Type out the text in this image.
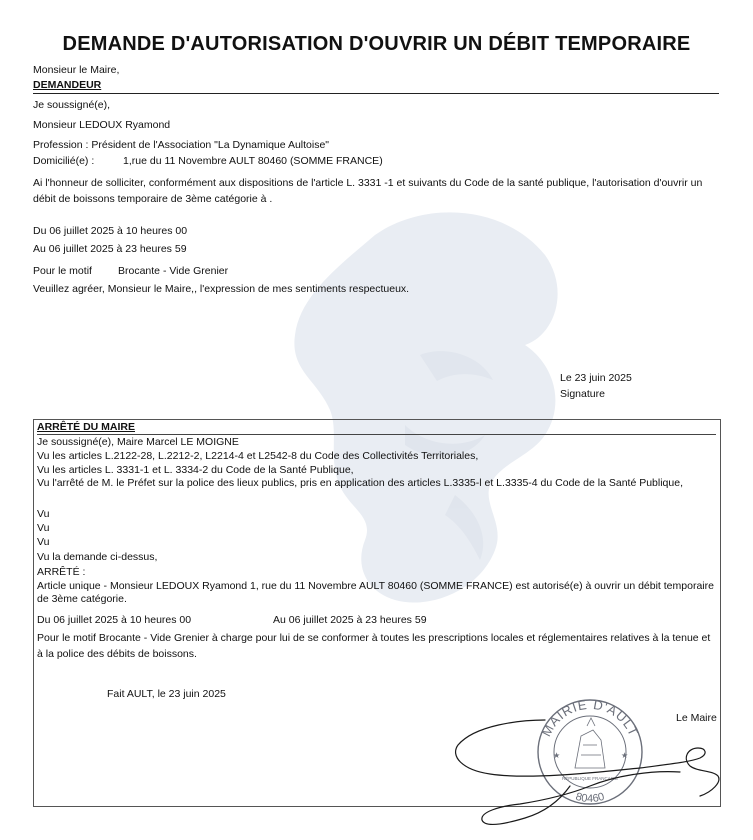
DEMANDE D'AUTORISATION D'OUVRIR UN DÉBIT TEMPORAIRE
Monsieur le Maire,
DEMANDEUR
Je soussigné(e),
Monsieur LEDOUX Ryamond
Profession : Président de l'Association "La Dynamique Aultoise"
Domicilié(e) :	1,rue du 11 Novembre AULT 80460 (SOMME FRANCE)
Ai l'honneur de solliciter, conformément aux dispositions de l'article L. 3331 -1 et suivants du Code de la santé publique, l'autorisation d'ouvrir un débit de boissons temporaire de 3ème catégorie à .
Du 06 juillet 2025 à 10 heures 00
Au 06 juillet 2025 à 23 heures 59
Pour le motif Brocante - Vide Grenier
Veuillez agréer, Monsieur le Maire,, l'expression de mes sentiments respectueux.
Le 23 juin 2025
Signature
ARRÊTÉ DU MAIRE
Je soussigné(e), Maire Marcel LE MOIGNE
Vu les articles L.2122-28, L.2212-2, L2214-4 et L2542-8 du Code des Collectivités Territoriales,
Vu les articles L. 3331-1 et L. 3334-2 du Code de la Santé Publique,
Vu l'arrêté de M. le Préfet sur la police des lieux publics, pris en application des articles L.3335-l et L.3335-4 du Code de la Santé Publique,
Vu
Vu
Vu
Vu la demande ci-dessus,
ARRÊTÉ :
Article unique - Monsieur LEDOUX Ryamond 1, rue du 11 Novembre AULT 80460 (SOMME FRANCE) est autorisé(e) à ouvrir un débit temporaire de 3ème catégorie.
Du 06 juillet 2025 à 10 heures 00	Au 06 juillet 2025 à 23 heures 59
Pour le motif Brocante - Vide Grenier à charge pour lui de se conformer à toutes les prescriptions locales et réglementaires relatives à la tenue et à la police des débits de boissons.
Fait AULT, le 23 juin 2025
Le Maire
MAIRIE D'AULT
80460
★	★
RÉPUBLIQUE FRANÇAISE
